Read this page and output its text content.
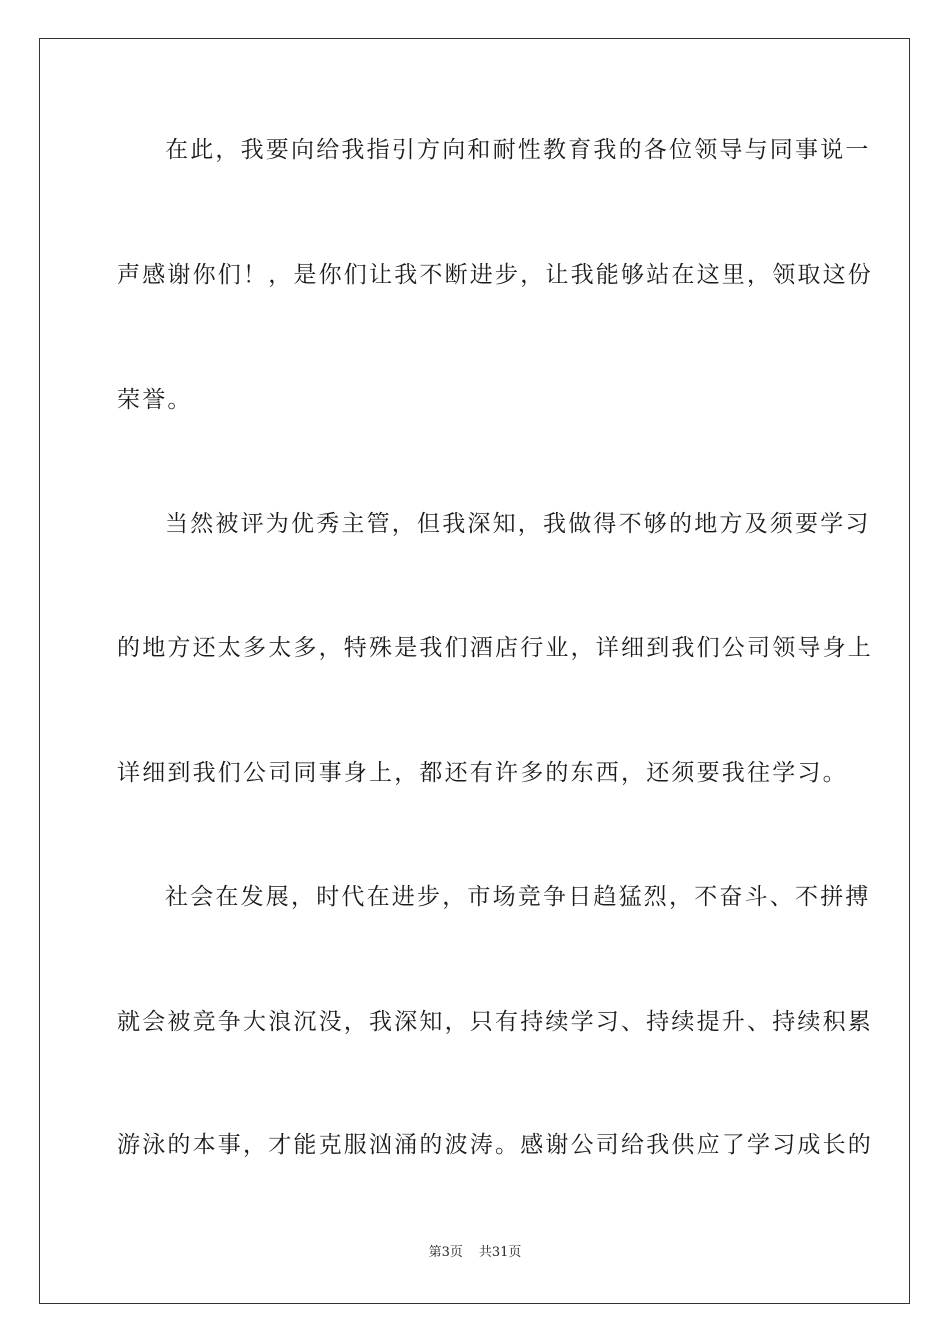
在此，我要向给我指引方向和耐性教育我的各位领导与同事说一
声感谢你们！，是你们让我不断进步，让我能够站在这里，领取这份
荣誉。
当然被评为优秀主管，但我深知，我做得不够的地方及须要学习
的地方还太多太多，特殊是我们酒店行业，详细到我们公司领导身上
详细到我们公司同事身上，都还有许多的东西，还须要我往学习。
社会在发展，时代在进步，市场竞争日趋猛烈，不奋斗、不拼搏
就会被竞争大浪沉没，我深知，只有持续学习、持续提升、持续积累
游泳的本事，才能克服汹涌的波涛。感谢公司给我供应了学习成长的
第3页 共31页
